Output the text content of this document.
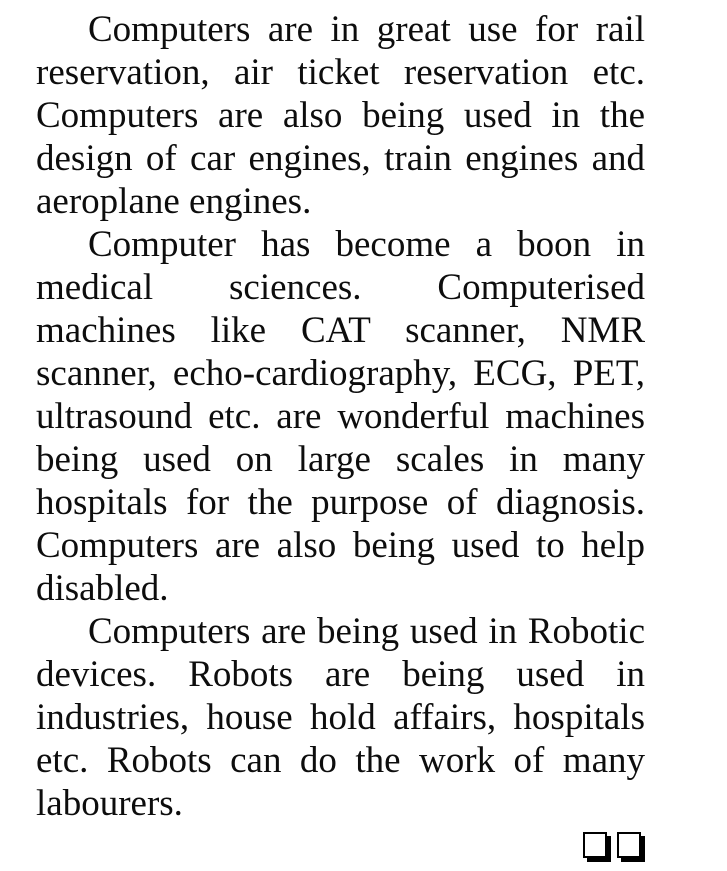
Computers are in great use for rail
reservation, air ticket reservation etc.
Computers are also being used in the
design of car engines, train engines and
aeroplane engines.

Computer has become a boon in
medical sciences. Computerised
machines like CAT scanner, NMR
scanner, echo-cardiography, ECG, PET,
ultrasound etc. are wonderful machines
being used on large scales in many
hospitals for the purpose of diagnosis.
Computers are also being used to help
disabled.

Computers are being used in Robotic
devices. Robots are being used in
industries, house hold affairs, hospitals
etc. Robots can do the work of many
labourers.
